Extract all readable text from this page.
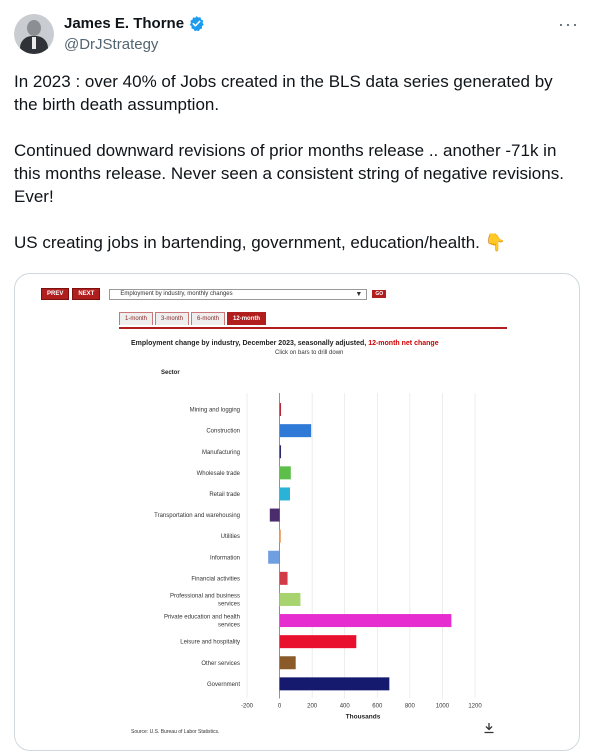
James E. Thorne
@DrJStrategy
···

In 2023 : over 40% of Jobs created in the BLS data series generated by the birth death assumption.

Continued downward revisions of prior months release .. another -71k in this months release. Never seen a consistent string of negative revisions. Ever!

US creating jobs in bartending, government, education/health. 👇

PREV	NEXT	Employment by industry, monthly changes	▼	GO
1-month	3-month	6-month	12-month
Employment change by industry, December 2023, seasonally adjusted, 12-month net change
Click on bars to drill down
Sector
-200	0	200	400	600	800	1000	1200
Thousands
Mining and logging
Construction
Manufacturing
Wholesale trade
Retail trade
Transportation and warehousing
Utilities
Information
Financial activities
Professional and business
services
Private education and health
services
Leisure and hospitality
Other services
Government
Source: U.S. Bureau of Labor Statistics.
